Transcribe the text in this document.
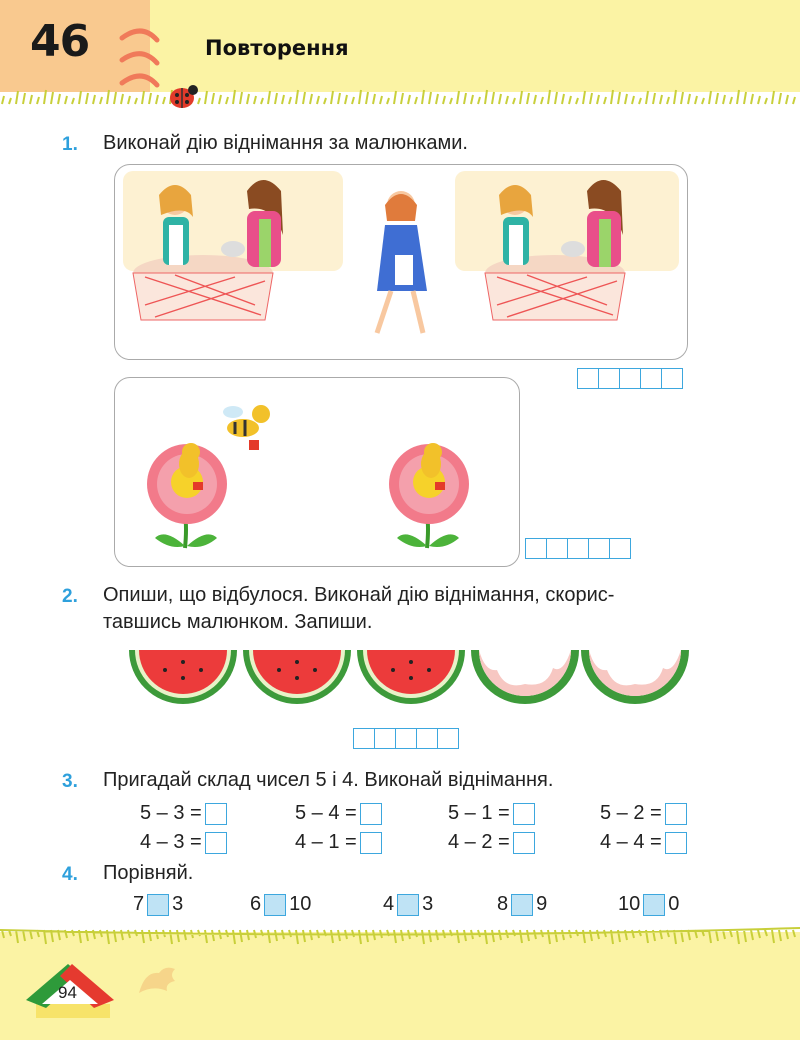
46	Повторення
1. Виконай дію віднімання за малюнками.
2. Опиши, що відбулося. Виконай дію віднімання, скорис-
тавшись малюнком. Запиши.
3. Пригадай склад чисел 5 і 4. Виконай віднімання.
5 – 3 =	5 – 4 =	5 – 1 =	5 – 2 =
4 – 3 =	4 – 1 =	4 – 2 =	4 – 4 =
4. Порівняй.
7 3	6 10	4 3	8 9	10 0
94
